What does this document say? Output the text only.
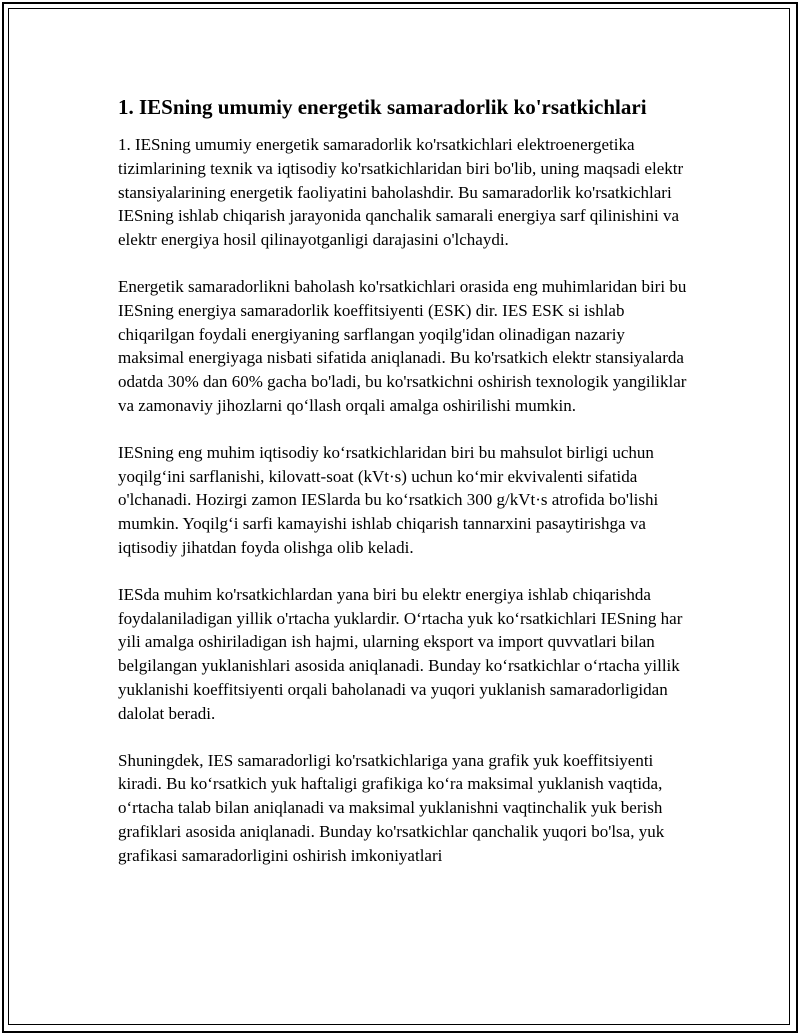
1. IESning umumiy energetik samaradorlik ko'rsatkichlari

1. IESning umumiy energetik samaradorlik ko'rsatkichlari elektroenergetika tizimlarining texnik va iqtisodiy ko'rsatkichlaridan biri bo'lib, uning maqsadi elektr stansiyalarining energetik faoliyatini baholashdir. Bu samaradorlik ko'rsatkichlari IESning ishlab chiqarish jarayonida qanchalik samarali energiya sarf qilinishini va elektr energiya hosil qilinayotganligi darajasini o'lchaydi.

Energetik samaradorlikni baholash ko'rsatkichlari orasida eng muhimlaridan biri bu IESning energiya samaradorlik koeffitsiyenti (ESK) dir. IES ESK si ishlab chiqarilgan foydali energiyaning sarflangan yoqilg'idan olinadigan nazariy maksimal energiyaga nisbati sifatida aniqlanadi. Bu ko'rsatkich elektr stansiyalarda odatda 30% dan 60% gacha bo'ladi, bu ko'rsatkichni oshirish texnologik yangiliklar va zamonaviy jihozlarni qo‘llash orqali amalga oshirilishi mumkin.

IESning eng muhim iqtisodiy ko‘rsatkichlaridan biri bu mahsulot birligi uchun yoqilg‘ini sarflanishi, kilovatt-soat (kVt·s) uchun ko‘mir ekvivalenti sifatida o'lchanadi. Hozirgi zamon IESlarda bu ko‘rsatkich 300 g/kVt·s atrofida bo'lishi mumkin. Yoqilg‘i sarfi kamayishi ishlab chiqarish tannarxini pasaytirishga va iqtisodiy jihatdan foyda olishga olib keladi.

IESda muhim ko'rsatkichlardan yana biri bu elektr energiya ishlab chiqarishda foydalaniladigan yillik o'rtacha yuklardir. O‘rtacha yuk ko‘rsatkichlari IESning har yili amalga oshiriladigan ish hajmi, ularning eksport va import quvvatlari bilan belgilangan yuklanishlari asosida aniqlanadi. Bunday ko‘rsatkichlar o‘rtacha yillik yuklanishi koeffitsiyenti orqali baholanadi va yuqori yuklanish samaradorligidan dalolat beradi.

Shuningdek, IES samaradorligi ko'rsatkichlariga yana grafik yuk koeffitsiyenti kiradi. Bu ko‘rsatkich yuk haftaligi grafikiga ko‘ra maksimal yuklanish vaqtida, o‘rtacha talab bilan aniqlanadi va maksimal yuklanishni vaqtinchalik yuk berish grafiklari asosida aniqlanadi. Bunday ko'rsatkichlar qanchalik yuqori bo'lsa, yuk grafikasi samaradorligini oshirish imkoniyatlari
